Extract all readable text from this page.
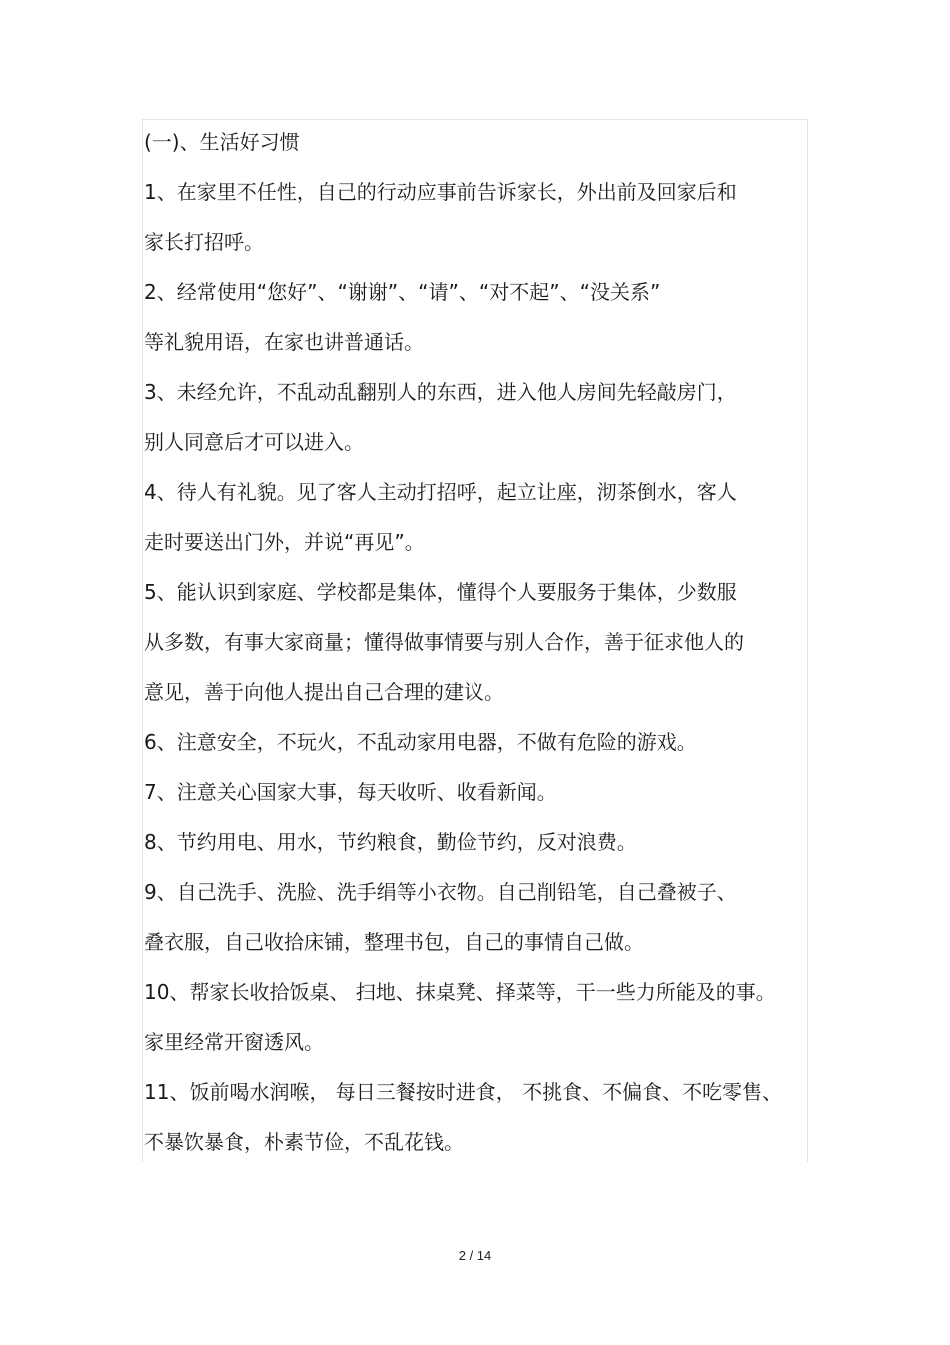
(一)、生活好习惯
1、在家里不任性，自己的行动应事前告诉家长，外出前及回家后和
家长打招呼。
2、经常使用“您好”、“谢谢”、“请”、“对不起”、“没关系”
等礼貌用语，在家也讲普通话。
3、未经允许，不乱动乱翻别人的东西，进入他人房间先轻敲房门，
别人同意后才可以进入。
4、待人有礼貌。见了客人主动打招呼，起立让座，沏茶倒水，客人
走时要送出门外，并说“再见”。
5、能认识到家庭、学校都是集体，懂得个人要服务于集体，少数服
从多数，有事大家商量；懂得做事情要与别人合作，善于征求他人的
意见，善于向他人提出自己合理的建议。
6、注意安全，不玩火，不乱动家用电器，不做有危险的游戏。
7、注意关心国家大事，每天收听、收看新闻。
8、节约用电、用水，节约粮食，勤俭节约，反对浪费。
9、自己洗手、洗脸、洗手绢等小衣物。自己削铅笔，自己叠被子、
叠衣服，自己收拾床铺，整理书包，自己的事情自己做。
10、帮家长收拾饭桌、 扫地、抹桌凳、择菜等，干一些力所能及的事。
家里经常开窗透风。
11、饭前喝水润喉， 每日三餐按时进食， 不挑食、不偏食、不吃零售、
不暴饮暴食，朴素节俭，不乱花钱。
2 / 14
